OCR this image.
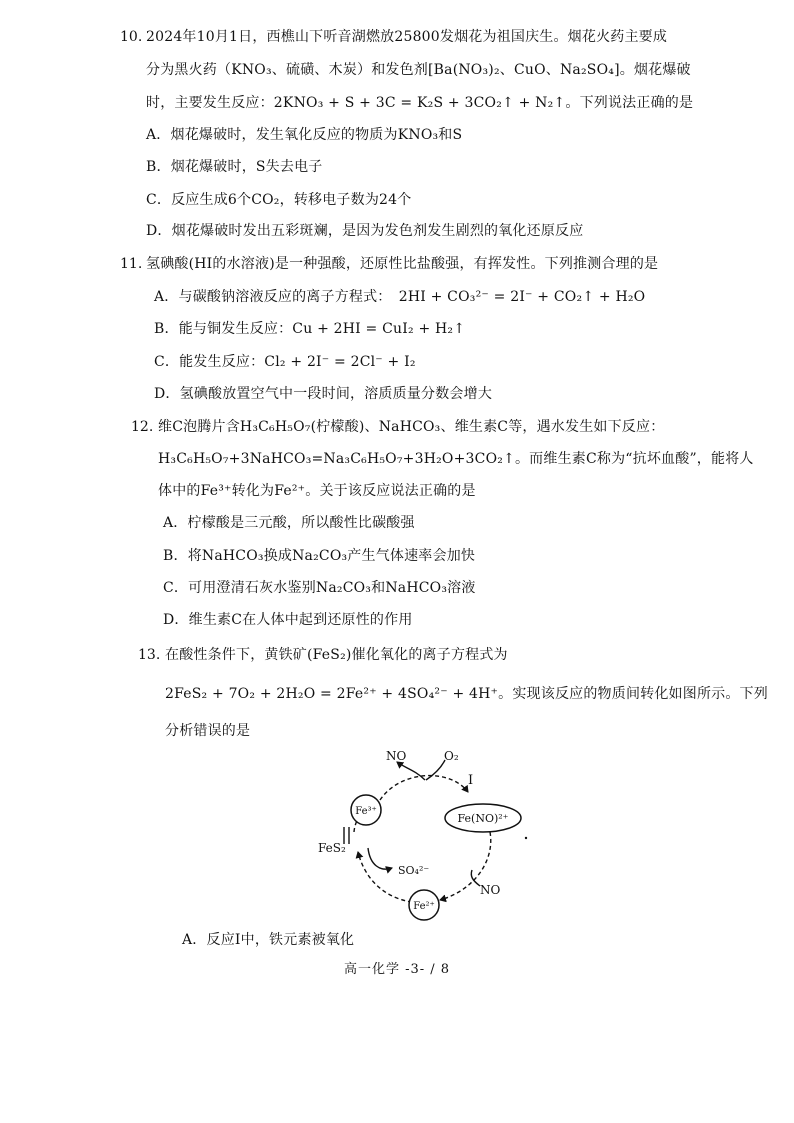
10. 2024年10月1日，西樵山下听音湖燃放25800发烟花为祖国庆生。烟花火药主要成
分为黑火药（KNO₃、硫磺、木炭）和发色剂[Ba(NO₃)₂、CuO、Na₂SO₄]。烟花爆破
时，主要发生反应：2KNO₃ + S + 3C = K₂S + 3CO₂↑ + N₂↑。下列说法正确的是
A．烟花爆破时，发生氧化反应的物质为KNO₃和S
B．烟花爆破时，S失去电子
C．反应生成6个CO₂，转移电子数为24个
D．烟花爆破时发出五彩斑斓，是因为发色剂发生剧烈的氧化还原反应
11. 氢碘酸(HI的水溶液)是一种强酸，还原性比盐酸强，有挥发性。下列推测合理的是
A．与碳酸钠溶液反应的离子方程式：　2HI + CO₃²⁻ = 2I⁻ + CO₂↑ + H₂O
B．能与铜发生反应：Cu + 2HI = CuI₂ + H₂↑
C．能发生反应：Cl₂ + 2I⁻ = 2Cl⁻ + I₂
D．氢碘酸放置空气中一段时间，溶质质量分数会增大
12. 维C泡腾片含H₃C₆H₅O₇(柠檬酸)、NaHCO₃、维生素C等，遇水发生如下反应：
H₃C₆H₅O₇+3NaHCO₃=Na₃C₆H₅O₇+3H₂O+3CO₂↑。而维生素C称为“抗坏血酸”，能将人
体中的Fe³⁺转化为Fe²⁺。关于该反应说法正确的是
A．柠檬酸是三元酸，所以酸性比碳酸强
B．将NaHCO₃换成Na₂CO₃产生气体速率会加快
C．可用澄清石灰水鉴别Na₂CO₃和NaHCO₃溶液
D．维生素C在人体中起到还原性的作用
13. 在酸性条件下，黄铁矿(FeS₂)催化氧化的离子方程式为
2FeS₂ + 7O₂ + 2H₂O = 2Fe²⁺ + 4SO₄²⁻ + 4H⁺。实现该反应的物质间转化如图所示。下列
分析错误的是
Fe³⁺
Fe(NO)²⁺
Fe²⁺
NO	O₂
I
FeS₂
SO₄²⁻
NO
A．反应I中，铁元素被氧化
高一化学 -3- / 8
